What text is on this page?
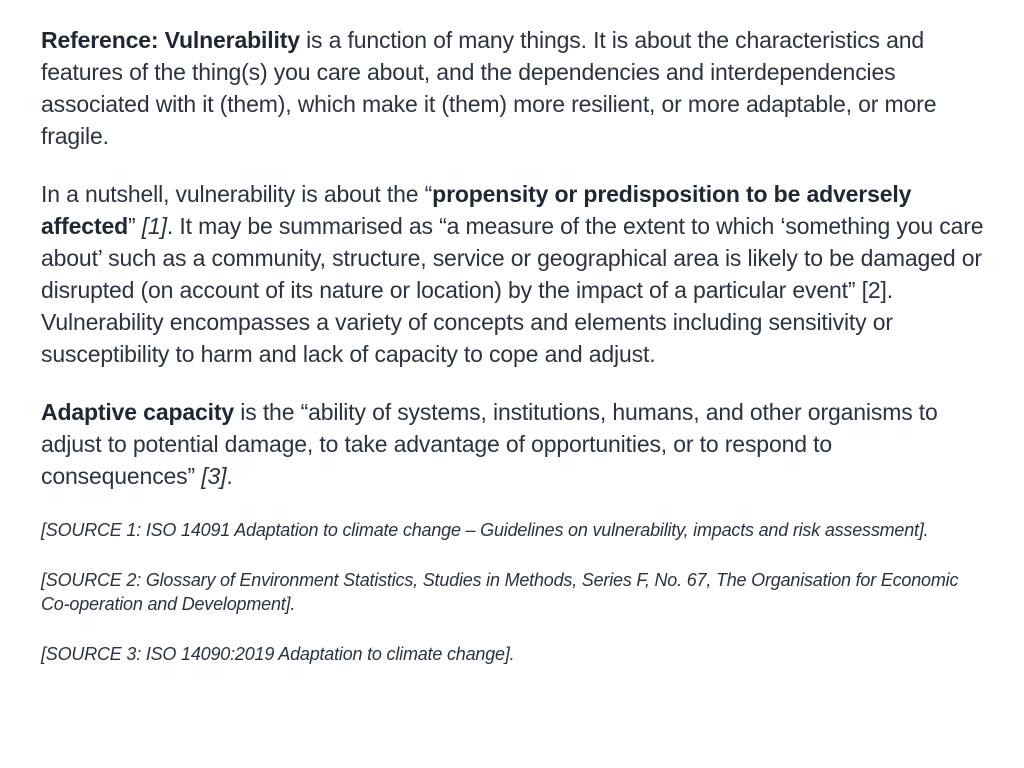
Reference: Vulnerability is a function of many things. It is about the characteristics and features of the thing(s) you care about, and the dependencies and interdependencies associated with it (them), which make it (them) more resilient, or more adaptable, or more fragile.

In a nutshell, vulnerability is about the “propensity or predisposition to be adversely affected” [1]. It may be summarised as “a measure of the extent to which ‘something you care about’ such as a community, structure, service or geographical area is likely to be damaged or disrupted (on account of its nature or location) by the impact of a particular event” [2]. Vulnerability encompasses a variety of concepts and elements including sensitivity or susceptibility to harm and lack of capacity to cope and adjust.

Adaptive capacity is the “ability of systems, institutions, humans, and other organisms to adjust to potential damage, to take advantage of opportunities, or to respond to consequences” [3].

[SOURCE 1: ISO 14091 Adaptation to climate change – Guidelines on vulnerability, impacts and risk assessment].

[SOURCE 2: Glossary of Environment Statistics, Studies in Methods, Series F, No. 67, The Organisation for Economic Co-operation and Development].

[SOURCE 3: ISO 14090:2019 Adaptation to climate change].
